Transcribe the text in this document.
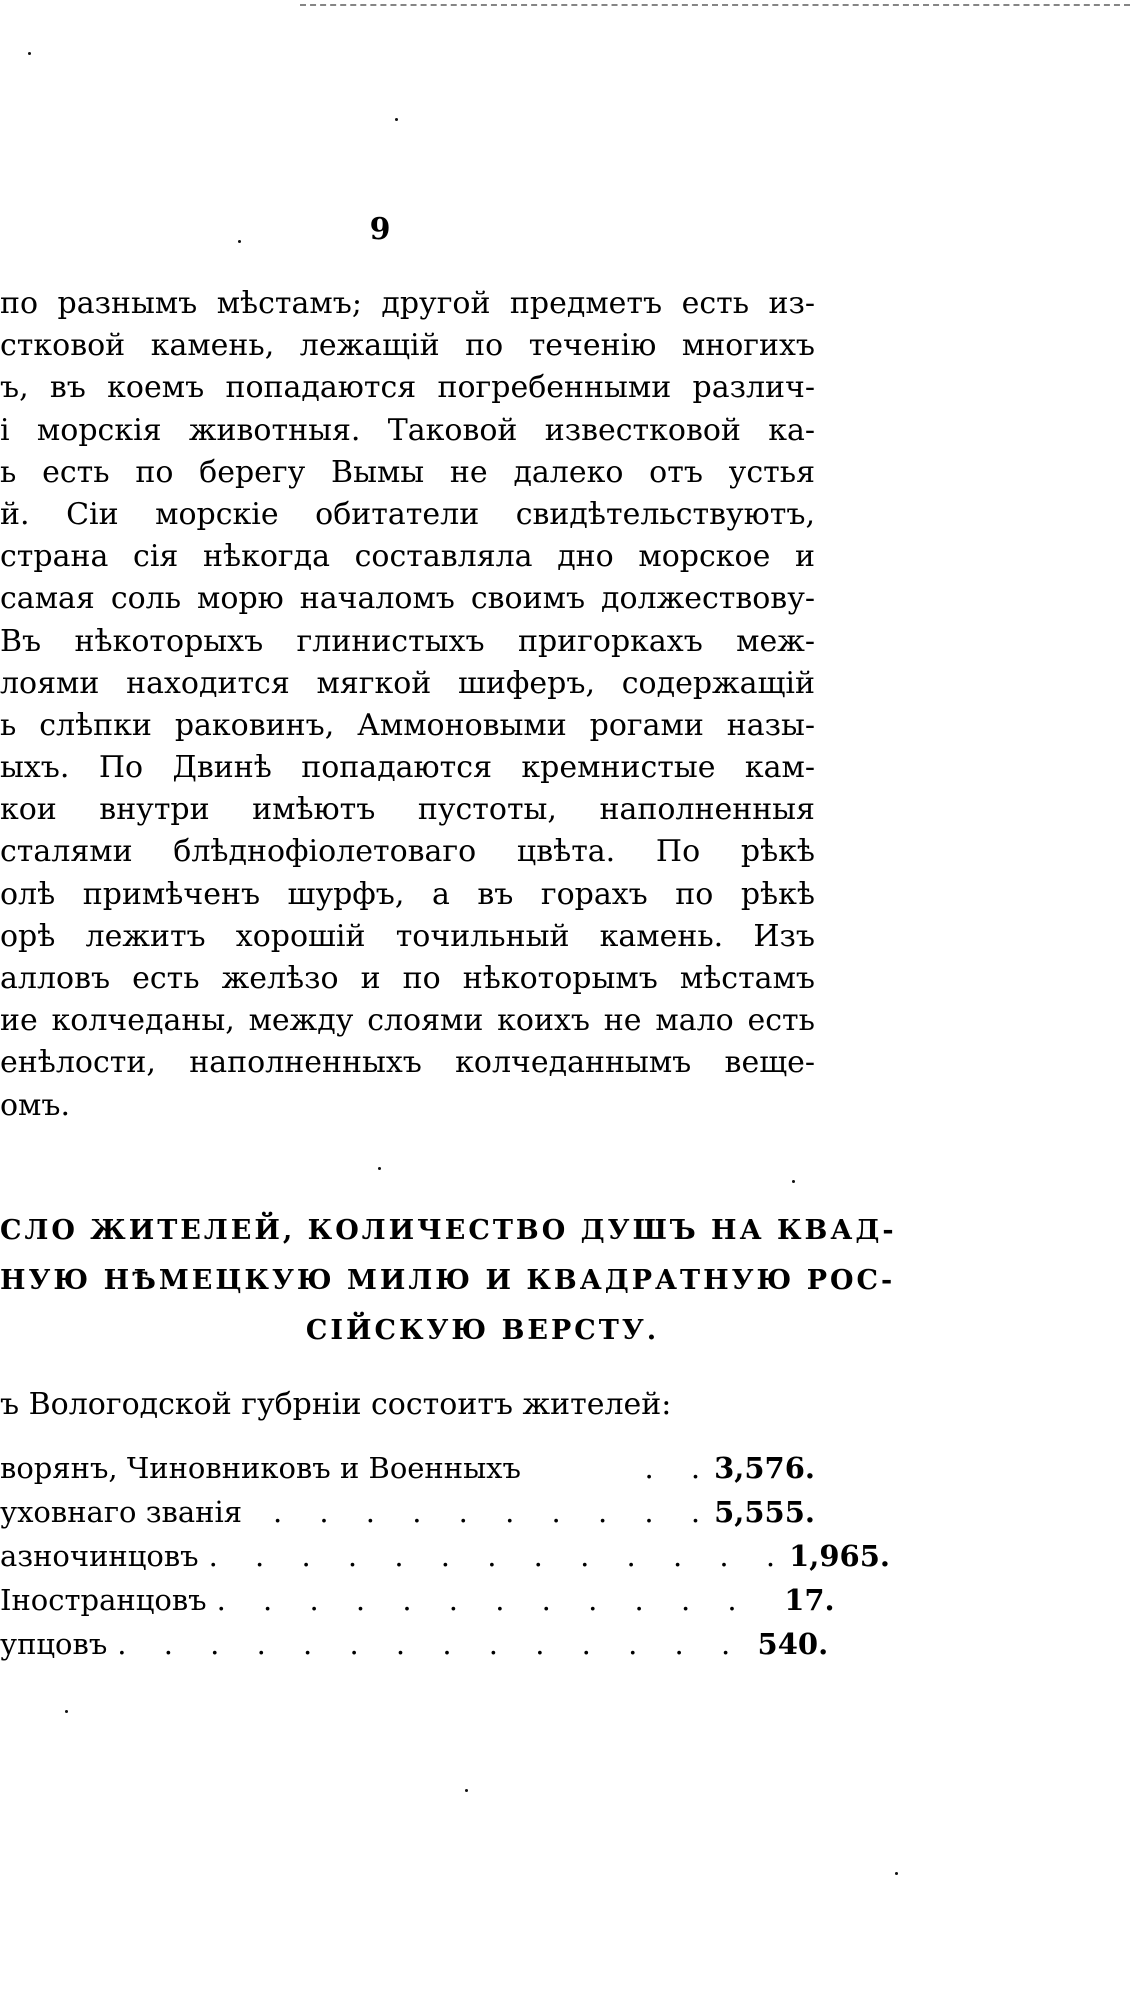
9
по разнымъ мѣстамъ; другой предметъ есть из-
стковой камень, лежащій по теченію многихъ
ъ, въ коемъ попадаются погребенными различ-
і морскія животныя. Таковой известковой ка-
ь есть по берегу Вымы не далеко отъ устья
й. Сіи морскіе обитатели свидѣтельствуютъ,
страна сія нѣкогда составляла дно морское и
самая соль морю началомъ своимъ должествову-
Въ нѣкоторыхъ глинистыхъ пригоркахъ меж-
лоями находится мягкой шиферъ, содержащій
ь слѣпки раковинъ, Аммоновыми рогами назы-
ыхъ. По Двинѣ попадаются кремнистые кам-
кои внутри имѣютъ пустоты, наполненныя
сталями блѣднофіолетоваго цвѣта. По рѣкѣ
олѣ примѣченъ шурфъ, а въ горахъ по рѣкѣ
орѣ лежитъ хорошій точильный камень. Изъ
алловъ есть желѣзо и по нѣкоторымъ мѣстамъ
ие колчеданы, между слоями коихъ не мало есть
енѣлости, наполненныхъ колчеданнымъ веще-
омъ.
СЛО ЖИТЕЛЕЙ, КОЛИЧЕСТВО ДУШЪ НА КВАД-
НУЮ НѢМЕЦКУЮ МИЛЮ И КВАДРАТНУЮ РОС-
СІЙСКУЮ ВЕРСТУ.
ъ Вологодской губрніи состоитъ жителей:
ворянъ, Чиновниковъ и Военныхъ	. . 3,576.
уховнаго званія	. . . . . . . . . . 5,555.
азночинцовъ . . . . . . . . . . . . . 1,965.
Іностранцовъ . . . . . . . . . . . .	17.
упцовъ . . . . . . . . . . . . . . 540.
